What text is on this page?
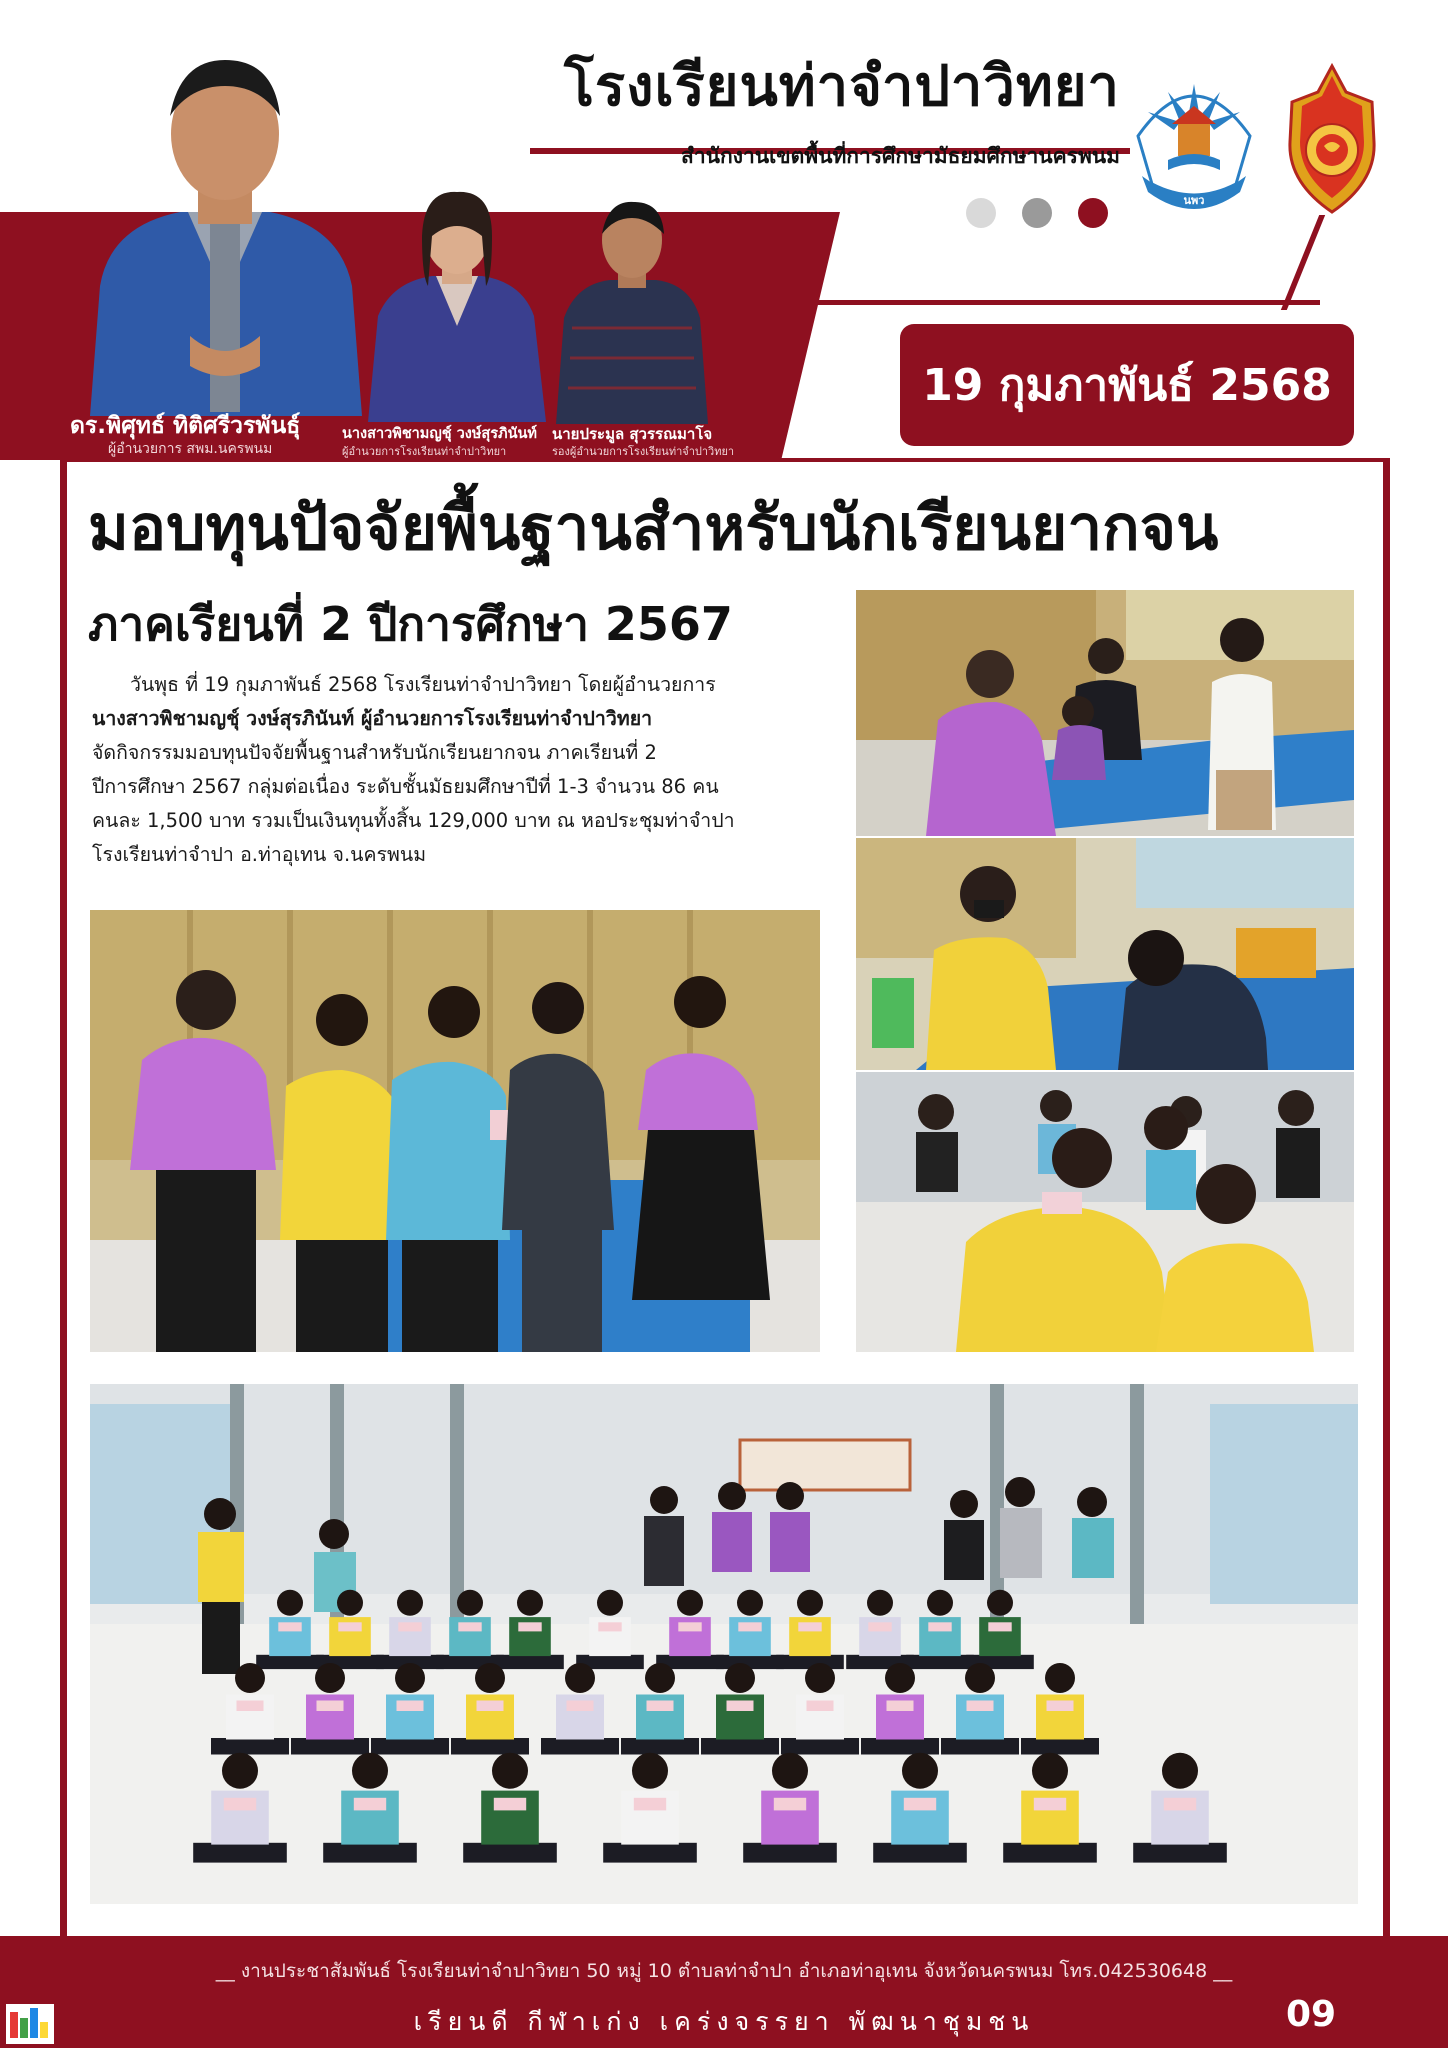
โรงเรียนท่าจำปาวิทยา
สำนักงานเขตพื้นที่การศึกษามัธยมศึกษานครพนม
นพว
19 กุมภาพันธ์ 2568
ดร.พิศุทธ์ ทิติศรีวรพันธุ์
ผู้อำนวยการ สพม.นครพนม
นางสาวพิชามญชุ์ วงษ์สุรภินันท์
ผู้อำนวยการโรงเรียนท่าจำปาวิทยา
นายประมูล สุวรรณมาโจ
รองผู้อำนวยการโรงเรียนท่าจำปาวิทยา
มอบทุนปัจจัยพื้นฐานสำหรับนักเรียนยากจน
ภาคเรียนที่ 2 ปีการศึกษา 2567

วันพุธ ที่ 19 กุมภาพันธ์ 2568 โรงเรียนท่าจำปาวิทยา โดยผู้อำนวยการ

นางสาวพิชามญชุ์ วงษ์สุรภินันท์ ผู้อำนวยการโรงเรียนท่าจำปาวิทยา

จัดกิจกรรมมอบทุนปัจจัยพื้นฐานสำหรับนักเรียนยากจน ภาคเรียนที่ 2

ปีการศึกษา 2567 กลุ่มต่อเนื่อง ระดับชั้นมัธยมศึกษาปีที่ 1-3 จำนวน 86 คน

คนละ 1,500 บาท รวมเป็นเงินทุนทั้งสิ้น 129,000 บาท ณ หอประชุมท่าจำปา

โรงเรียนท่าจำปา อ.ท่าอุเทน จ.นครพนม

__ งานประชาสัมพันธ์ โรงเรียนท่าจำปาวิทยา 50 หมู่ 10 ตำบลท่าจำปา อำเภอท่าอุเทน จังหวัดนครพนม โทร.042530648 __
เรียนดี กีฬาเก่ง เคร่งจรรยา พัฒนาชุมชน	09
